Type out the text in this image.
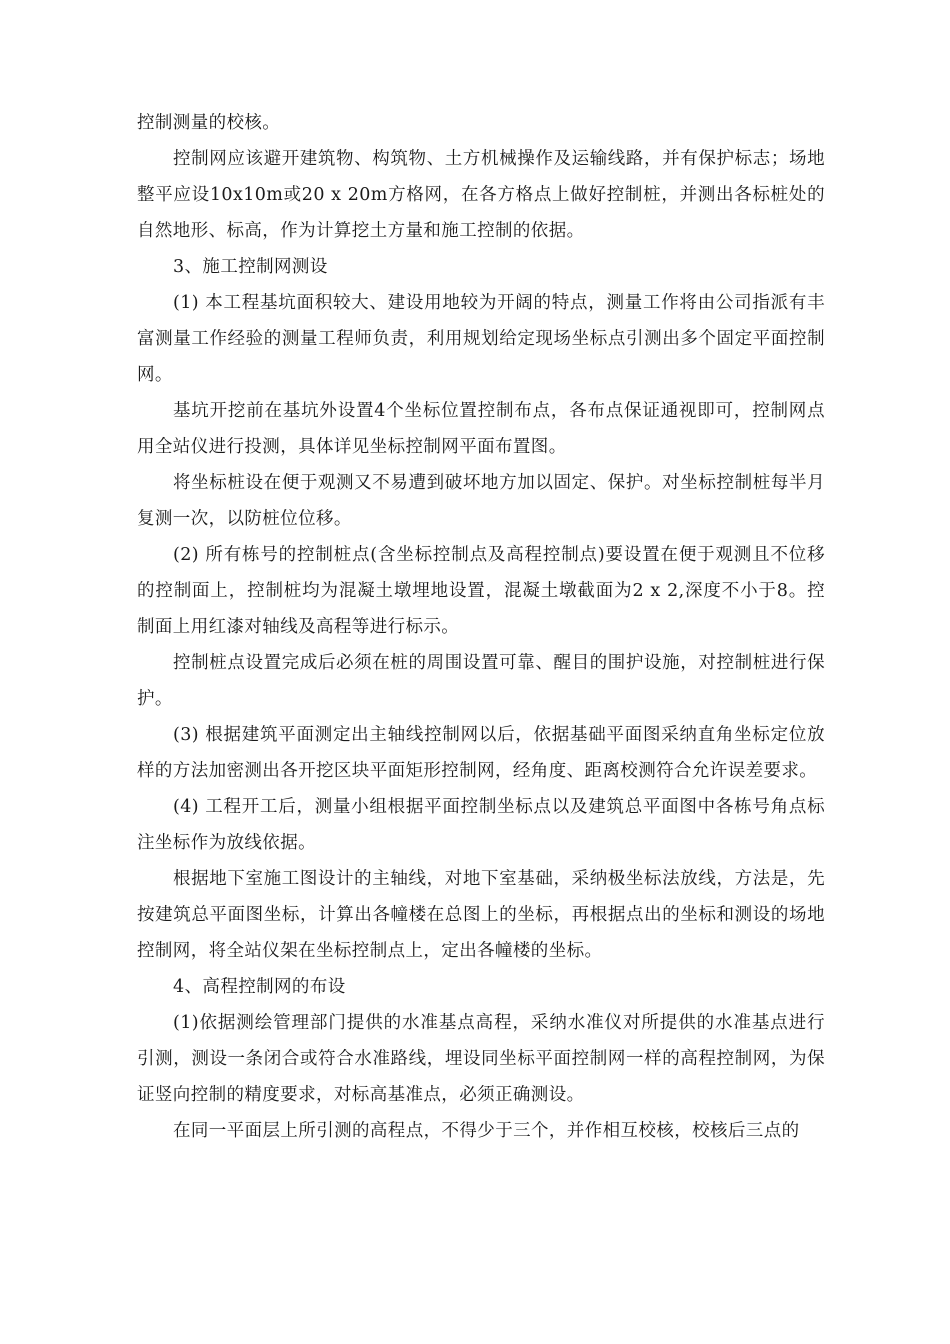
控制测量的校核。

控制网应该避开建筑物、构筑物、土方机械操作及运输线路，并有保护标志；场地整平应设10x10m或20 x 20m方格网，在各方格点上做好控制桩，并测出各标桩处的自然地形、标高，作为计算挖土方量和施工控制的依据。

3、施工控制网测设

(1) 本工程基坑面积较大、建设用地较为开阔的特点，测量工作将由公司指派有丰富测量工作经验的测量工程师负责，利用规划给定现场坐标点引测出多个固定平面控制网。

基坑开挖前在基坑外设置4个坐标位置控制布点，各布点保证通视即可，控制网点用全站仪进行投测，具体详见坐标控制网平面布置图。

将坐标桩设在便于观测又不易遭到破坏地方加以固定、保护。对坐标控制桩每半月复测一次，以防桩位位移。

(2) 所有栋号的控制桩点(含坐标控制点及高程控制点)要设置在便于观测且不位移的控制面上，控制桩均为混凝土墩埋地设置，混凝土墩截面为2 x 2,深度不小于8。控制面上用红漆对轴线及高程等进行标示。

控制桩点设置完成后必须在桩的周围设置可靠、醒目的围护设施，对控制桩进行保护。

(3) 根据建筑平面测定出主轴线控制网以后，依据基础平面图采纳直角坐标定位放样的方法加密测出各开挖区块平面矩形控制网，经角度、距离校测符合允许误差要求。

(4) 工程开工后，测量小组根据平面控制坐标点以及建筑总平面图中各栋号角点标注坐标作为放线依据。

根据地下室施工图设计的主轴线，对地下室基础，采纳极坐标法放线，方法是，先按建筑总平面图坐标，计算出各幢楼在总图上的坐标，再根据点出的坐标和测设的场地控制网，将全站仪架在坐标控制点上，定出各幢楼的坐标。

4、高程控制网的布设

(1)依据测绘管理部门提供的水准基点高程，采纳水准仪对所提供的水准基点进行引测，测设一条闭合或符合水准路线，埋设同坐标平面控制网一样的高程控制网，为保证竖向控制的精度要求，对标高基准点，必须正确测设。

在同一平面层上所引测的高程点，不得少于三个，并作相互校核，校核后三点的
